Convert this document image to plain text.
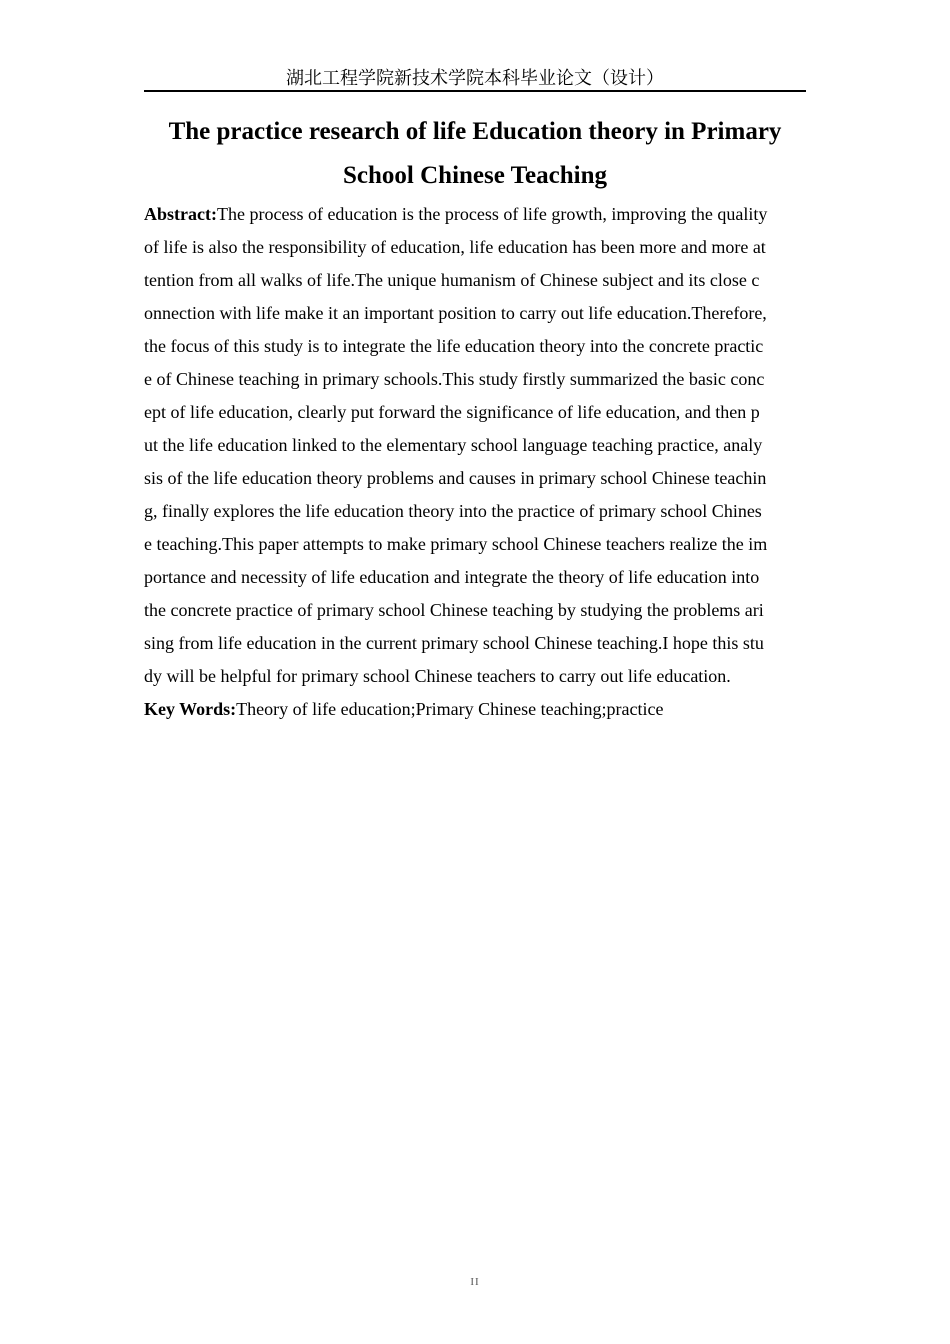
湖北工程学院新技术学院本科毕业论文（设计）
The practice research of life Education theory in Primary
School Chinese Teaching
Abstract:The process of education is the process of life growth, improving the quality
of life is also the responsibility of education, life education has been more and more at
tention from all walks of life.The unique humanism of Chinese subject and its close c
onnection with life make it an important position to carry out life education.Therefore,
the focus of this study is to integrate the life education theory into the concrete practic
e of Chinese teaching in primary schools.This study firstly summarized the basic conc
ept of life education, clearly put forward the significance of life education, and then p
ut the life education linked to the elementary school language teaching practice, analy
sis of the life education theory problems and causes in primary school Chinese teachin
g, finally explores the life education theory into the practice of primary school Chines
e teaching.This paper attempts to make primary school Chinese teachers realize the im
portance and necessity of life education and integrate the theory of life education into
the concrete practice of primary school Chinese teaching by studying the problems ari
sing from life education in the current primary school Chinese teaching.I hope this stu
dy will be helpful for primary school Chinese teachers to carry out life education.
Key Words:Theory of life education;Primary Chinese teaching;practice
II
